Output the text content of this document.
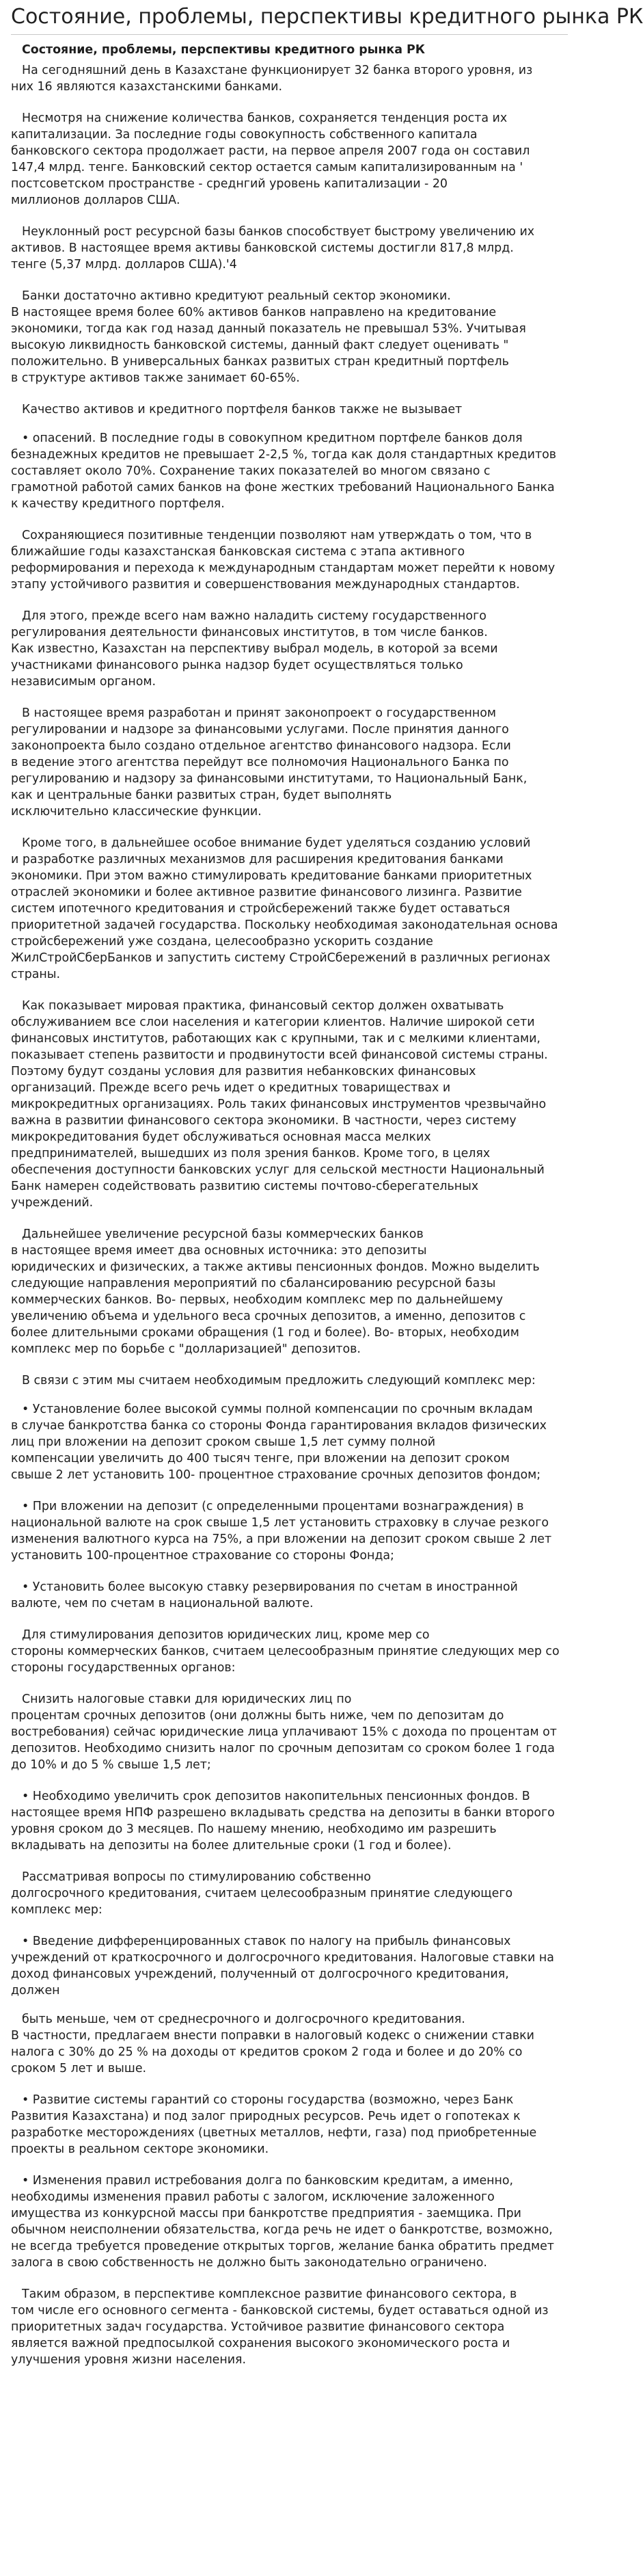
Состояние, проблемы, перспективы кредитного рынка РК

Состояние, проблемы, перспективы кредитного рынка РК

На сегодняшний день в Казахстане функционирует 32 банка второго уровня, из
них 16 являются казахстанскими банками.

Несмотря на снижение количества банков, сохраняется тенденция роста их
капитализации. За последние годы совокупность собственного капитала
банковского сектора продолжает расти, на первое апреля 2007 года он составил
147,4 млрд. тенге. Банковский сектор остается самым капитализированным на '
постсоветском пространстве - среднгий уровень капитализации - 20
миллионов долларов США.

Неуклонный рост ресурсной базы банков способствует быстрому увеличению их
активов. В настоящее время активы банковской системы достигли 817,8 млрд.
тенге (5,37 млрд. долларов США).'4

Банки достаточно активно кредитуют реальный сектор экономики.
В настоящее время более 60% активов банков направлено на кредитование
экономики, тогда как год назад данный показатель не превышал 53%. Учитывая
высокую ликвидность банковской системы, данный факт следует оценивать "
положительно. В универсальных банках развитых стран кредитный портфель
в структуре активов также занимает 60-65%.

Качество активов и кредитного портфеля банков также не вызывает

• опасений. В последние годы в совокупном кредитном портфеле банков доля
безнадежных кредитов не превышает 2-2,5 %, тогда как доля стандартных кредитов
составляет около 70%. Сохранение таких показателей во многом связано с
грамотной работой самих банков на фоне жестких требований Национального Банка
к качеству кредитного портфеля.

Сохраняющиеся позитивные тенденции позволяют нам утверждать о том, что в
ближайшие годы казахстанская банковская система с этапа активного
реформирования и перехода к международным стандартам может перейти к новому
этапу устойчивого развития и совершенствования международных стандартов.

Для этого, прежде всего нам важно наладить систему государственного
регулирования деятельности финансовых институтов, в том числе банков.
Как известно, Казахстан на перспективу выбрал модель, в которой за всеми
участниками финансового рынка надзор будет осуществляться только
независимым органом.

В настоящее время разработан и принят законопроект о государственном
регулировании и надзоре за финансовыми услугами. После принятия данного
законопроекта было создано отдельное агентство финансового надзора. Если
в ведение этого агентства перейдут все полномочия Национального Банка по
регулированию и надзору за финансовыми институтами, то Национальный Банк,
как и центральные банки развитых стран, будет выполнять
исключительно классические функции.

Кроме того, в дальнейшее особое внимание будет уделяться созданию условий
и разработке различных механизмов для расширения кредитования банками
экономики. При этом важно стимулировать кредитование банками приоритетных
отраслей экономики и более активное развитие финансового лизинга. Развитие
систем ипотечного кредитования и стройсбережений также будет оставаться
приоритетной задачей государства. Поскольку необходимая законодательная основа
стройсбережений уже создана, целесообразно ускорить создание
ЖилСтройСберБанков и запустить систему СтройСбережений в различных регионах
страны.

Как показывает мировая практика, финансовый сектор должен охватывать
обслуживанием все слои населения и категории клиентов. Наличие широкой сети
финансовых институтов, работающих как с крупными, так и с мелкими клиентами,
показывает степень развитости и продвинутости всей финансовой системы страны.
Поэтому будут созданы условия для развития небанковских финансовых
организаций. Прежде всего речь идет о кредитных товариществах и
микрокредитных организациях. Роль таких финансовых инструментов чрезвычайно
важна в развитии финансового сектора экономики. В частности, через систему
микрокредитования будет обслуживаться основная масса мелких
предпринимателей, вышедших из поля зрения банков. Кроме того, в целях
обеспечения доступности банковских услуг для сельской местности Национальный
Банк намерен содействовать развитию системы почтово-сберегательных
учреждений.

Дальнейшее увеличение ресурсной базы коммерческих банков
в настоящее время имеет два основных источника: это депозиты
юридических и физических, а также активы пенсионных фондов. Можно выделить
следующие направления мероприятий по сбалансированию ресурсной базы
коммерческих банков. Во- первых, необходим комплекс мер по дальнейшему
увеличению объема и удельного веса срочных депозитов, а именно, депозитов с
более длительными сроками обращения (1 год и более). Во- вторых, необходим
комплекс мер по борьбе с "долларизацией" депозитов.

В связи с этим мы считаем необходимым предложить следующий комплекс мер:

• Установление более высокой суммы полной компенсации по срочным вкладам
в случае банкротства банка со стороны Фонда гарантирования вкладов физических
лиц при вложении на депозит сроком свыше 1,5 лет сумму полной
компенсации увеличить до 400 тысяч тенге, при вложении на депозит сроком
свыше 2 лет установить 100- процентное страхование срочных депозитов фондом;

• При вложении на депозит (с определенными процентами вознаграждения) в
национальной валюте на срок свыше 1,5 лет установить страховку в случае резкого
изменения валютного курса на 75%, а при вложении на депозит сроком свыше 2 лет
установить 100-процентное страхование со стороны Фонда;

• Установить более высокую ставку резервирования по счетам в иностранной
валюте, чем по счетам в национальной валюте.

Для стимулирования депозитов юридических лиц, кроме мер со
стороны коммерческих банков, считаем целесообразным принятие следующих мер со
стороны государственных органов:

Снизить налоговые ставки для юридических лиц по
процентам срочных депозитов (они должны быть ниже, чем по депозитам до
востребования) сейчас юридические лица уплачивают 15% с дохода по процентам от
депозитов. Необходимо снизить налог по срочным депозитам со сроком более 1 года
до 10% и до 5 % свыше 1,5 лет;

• Необходимо увеличить срок депозитов накопительных пенсионных фондов. В
настоящее время НПФ разрешено вкладывать средства на депозиты в банки второго
уровня сроком до 3 месяцев. По нашему мнению, необходимо им разрешить
вкладывать на депозиты на более длительные сроки (1 год и более).

Рассматривая вопросы по стимулированию собственно
долгосрочного кредитования, считаем целесообразным принятие следующего
комплекс мер:

• Введение дифференцированных ставок по налогу на прибыль финансовых
учреждений от краткосрочного и долгосрочного кредитования. Налоговые ставки на
доход финансовых учреждений, полученный от долгосрочного кредитования,
должен

быть меньше, чем от среднесрочного и долгосрочного кредитования.
В частности, предлагаем внести поправки в налоговый кодекс о снижении ставки
налога с 30% до 25 % на доходы от кредитов сроком 2 года и более и до 20% со
сроком 5 лет и выше.

• Развитие системы гарантий со стороны государства (возможно, через Банк
Развития Казахстана) и под залог природных ресурсов. Речь идет о гопотеках к
разработке месторождениях (цветных металлов, нефти, газа) под приобретенные
проекты в реальном секторе экономики.

• Изменения правил истребования долга по банковским кредитам, а именно,
необходимы изменения правил работы с залогом, исключение заложенного
имущества из конкурсной массы при банкротстве предприятия - заемщика. При
обычном неисполнении обязательства, когда речь не идет о банкротстве, возможно,
не всегда требуется проведение открытых торгов, желание банка обратить предмет
залога в свою собственность не должно быть законодательно ограничено.

Таким образом, в перспективе комплексное развитие финансового сектора, в
том числе его основного сегмента - банковской системы, будет оставаться одной из
приоритетных задач государства. Устойчивое развитие финансового сектора
является важной предпосылкой сохранения высокого экономического роста и
улучшения уровня жизни населения.
